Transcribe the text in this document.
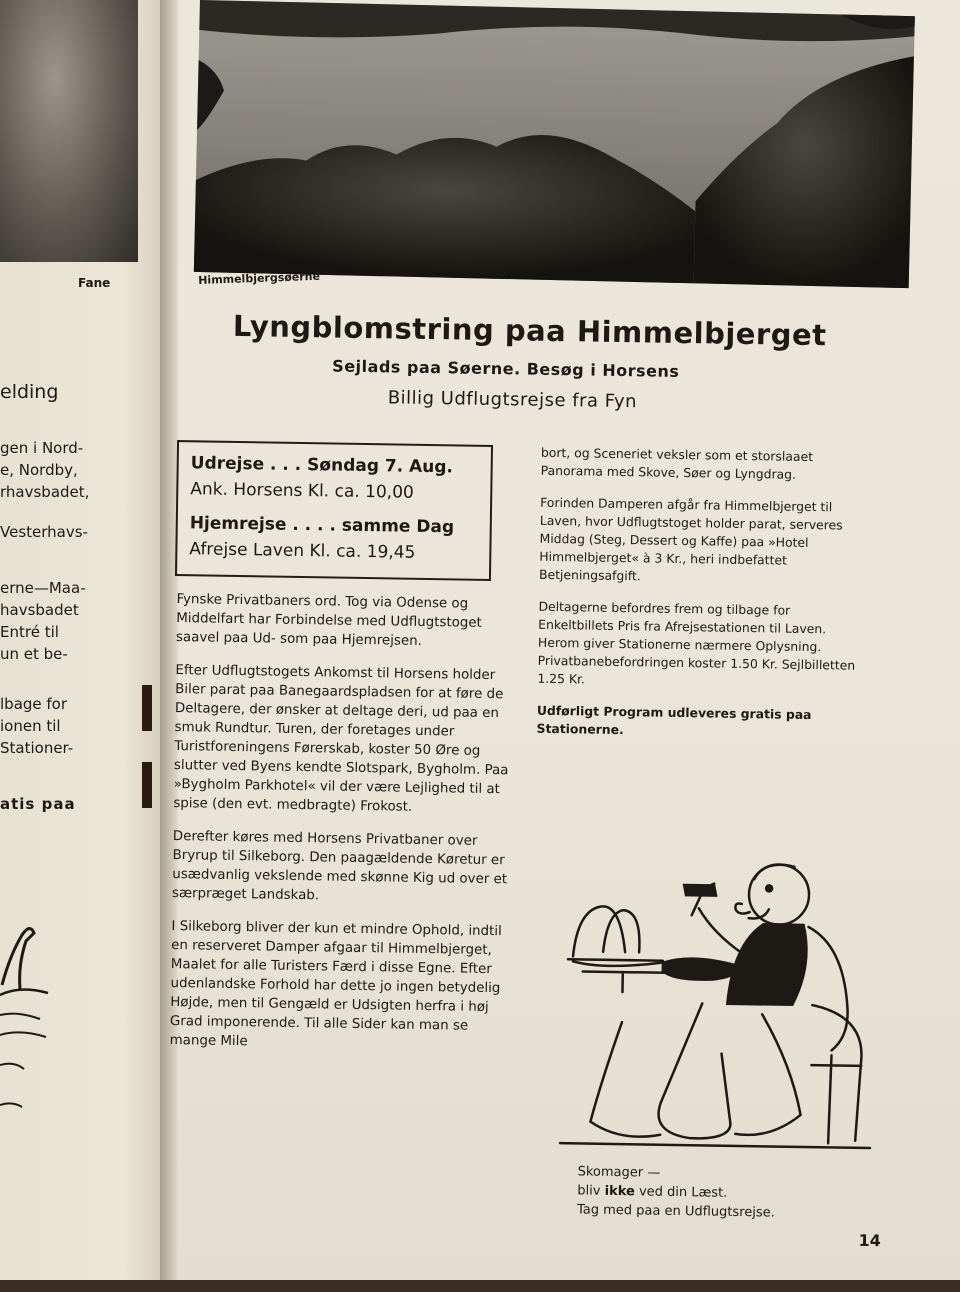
Fane
elding
gen i Nord-
e, Nordby,
rhavsbadet,
Vesterhavs-
erne—Maa-
havsbadet
Entré til
un et be-
lbage for
ionen til
Stationer-
atis paa
Himmelbjergsøerne
Lyngblomstring paa Himmelbjerget
Sejlads paa Søerne. Besøg i Horsens
Billig Udflugtsrejse fra Fyn
Udrejse . . . Søndag 7. Aug.
Ank. Horsens Kl. ca. 10,00
Hjemrejse . . . . samme Dag
Afrejse Laven Kl. ca. 19,45

Fynske Privatbaners ord. Tog via Odense og Middelfart har Forbindelse med Udflugtstoget saavel paa Ud- som paa Hjemrejsen.

Efter Udflugtstogets Ankomst til Horsens holder Biler parat paa Banegaardspladsen for at føre de Deltagere, der ønsker at deltage deri, ud paa en smuk Rundtur. Turen, der foretages under Turistforeningens Førerskab, koster 50 Øre og slutter ved Byens kendte Slotspark, Bygholm. Paa »Bygholm Parkhotel« vil der være Lejlighed til at spise (den evt. medbragte) Frokost.

Derefter køres med Horsens Privatbaner over Bryrup til Silkeborg. Den paagældende Køretur er usædvanlig vekslende med skønne Kig ud over et særpræget Landskab.

I Silkeborg bliver der kun et mindre Ophold, indtil en reserveret Damper afgaar til Himmelbjerget, Maalet for alle Turisters Færd i disse Egne. Efter udenlandske Forhold har dette jo ingen betydelig Højde, men til Gengæld er Udsigten herfra i høj Grad imponerende. Til alle Sider kan man se mange Mile

bort, og Sceneriet veksler som et storslaaet Panorama med Skove, Søer og Lyngdrag.

Forinden Damperen afgår fra Himmelbjerget til Laven, hvor Udflugtstoget holder parat, serveres Middag (Steg, Dessert og Kaffe) paa »Hotel Himmelbjerget« à 3 Kr., heri indbefattet Betjeningsafgift.

Deltagerne befordres frem og tilbage for Enkeltbillets Pris fra Afrejsestationen til Laven. Herom giver Stationerne nærmere Oplysning. Privatbanebefordringen koster 1.50 Kr. Sejlbilletten 1.25 Kr.

Udførligt Program udleveres gratis paa Stationerne.

Skomager —
bliv ikke ved din Læst.
Tag med paa en Udflugtsrejse.
14
